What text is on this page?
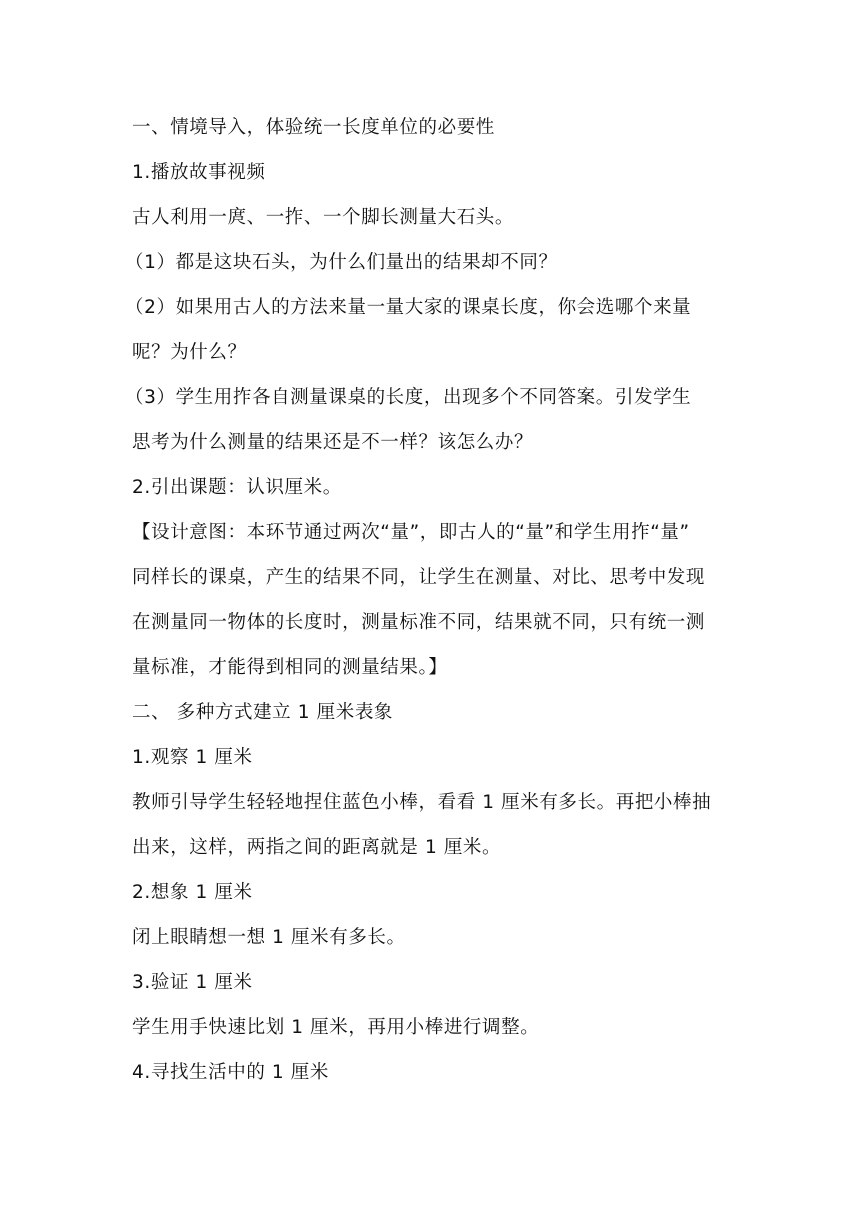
一、情境导入，体验统一长度单位的必要性
1.播放故事视频
古人利用一庹、一拃、一个脚长测量大石头。
（1）都是这块石头，为什么们量出的结果却不同？
（2）如果用古人的方法来量一量大家的课桌长度，你会选哪个来量
呢？为什么？
（3）学生用拃各自测量课桌的长度，出现多个不同答案。引发学生
思考为什么测量的结果还是不一样？该怎么办？
2.引出课题：认识厘米。
【设计意图：本环节通过两次“量”，即古人的“量”和学生用拃“量”
同样长的课桌，产生的结果不同，让学生在测量、对比、思考中发现
在测量同一物体的长度时，测量标准不同，结果就不同，只有统一测
量标准，才能得到相同的测量结果。】
二、 多种方式建立 1 厘米表象
1.观察 1 厘米
教师引导学生轻轻地捏住蓝色小棒，看看 1 厘米有多长。再把小棒抽
出来，这样，两指之间的距离就是 1 厘米。
2.想象 1 厘米
闭上眼睛想一想 1 厘米有多长。
3.验证 1 厘米
学生用手快速比划 1 厘米，再用小棒进行调整。
4.寻找生活中的 1 厘米
